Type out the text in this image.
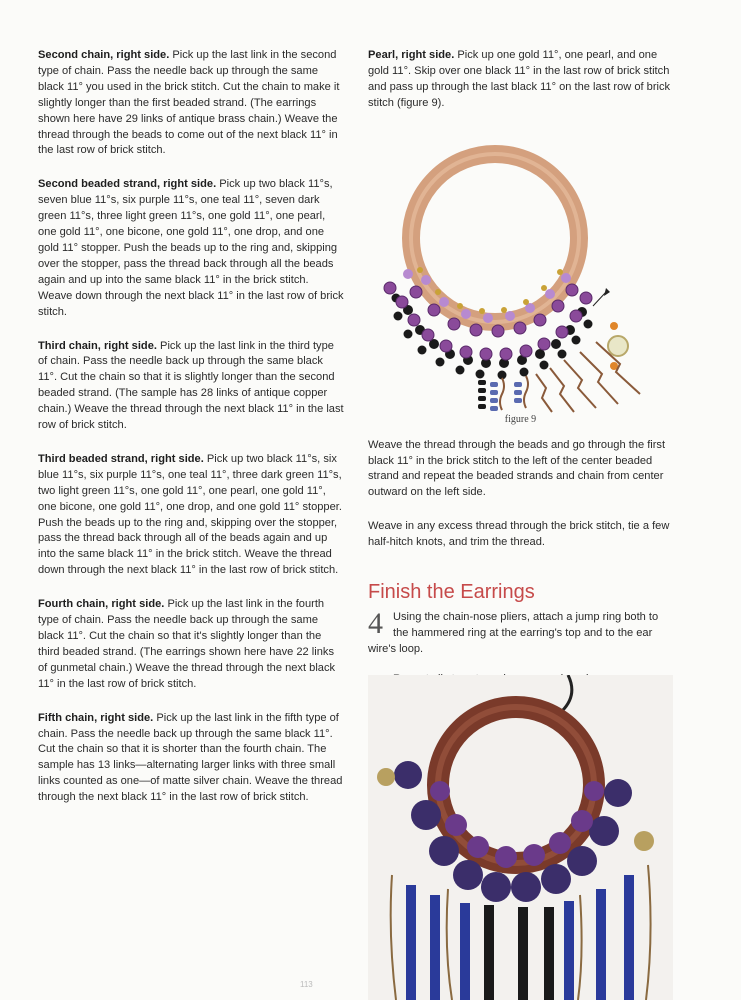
Second chain, right side. Pick up the last link in the second type of chain. Pass the needle back up through the same black 11° you used in the brick stitch. Cut the chain to make it slightly longer than the first beaded strand. (The earrings shown here have 29 links of antique brass chain.) Weave the thread through the beads to come out of the next black 11° in the last row of brick stitch.

Second beaded strand, right side. Pick up two black 11°s, seven blue 11°s, six purple 11°s, one teal 11°, seven dark green 11°s, three light green 11°s, one gold 11°, one pearl, one gold 11°, one bicone, one gold 11°, one drop, and one gold 11° stopper. Push the beads up to the ring and, skipping over the stopper, pass the thread back through all the beads again and up into the same black 11° in the brick stitch. Weave down through the next black 11° in the last row of brick stitch.

Third chain, right side. Pick up the last link in the third type of chain. Pass the needle back up through the same black 11°. Cut the chain so that it is slightly longer than the second beaded strand. (The sample has 28 links of antique copper chain.) Weave the thread through the next black 11° in the last row of brick stitch.

Third beaded strand, right side. Pick up two black 11°s, six blue 11°s, six purple 11°s, one teal 11°, three dark green 11°s, two light green 11°s, one gold 11°, one pearl, one gold 11°, one bicone, one gold 11°, one drop, and one gold 11° stopper. Push the beads up to the ring and, skipping over the stopper, pass the thread back through all of the beads again and up into the same black 11° in the brick stitch. Weave the thread down through the next black 11° in the last row of brick stitch.

Fourth chain, right side. Pick up the last link in the fourth type of chain. Pass the needle back up through the same black 11°. Cut the chain so that it's slightly longer than the third beaded strand. (The earrings shown here have 22 links of gunmetal chain.) Weave the thread through the next black 11° in the last row of brick stitch.

Fifth chain, right side. Pick up the last link in the fifth type of chain. Pass the needle back up through the same black 11°. Cut the chain so that it is shorter than the fourth chain. The sample has 13 links—alternating larger links with three small links counted as one—of matte silver chain. Weave the thread through the next black 11° in the last row of brick stitch.

Pearl, right side. Pick up one gold 11°, one pearl, and one gold 11°. Skip over one black 11° in the last row of brick stitch and pass up through the last black 11° on the last row of brick stitch (figure 9).

figure 9

Weave the thread through the beads and go through the first black 11° in the brick stitch to the left of the center beaded strand and repeat the beaded strands and chain from center outward on the left side.

Weave in any excess thread through the brick stitch, tie a few half-hitch knots, and trim the thread.

Finish the Earrings
4 Using the chain-nose pliers, attach a jump ring both to the hammered ring at the earring's top and to the ear wire's loop.
113
